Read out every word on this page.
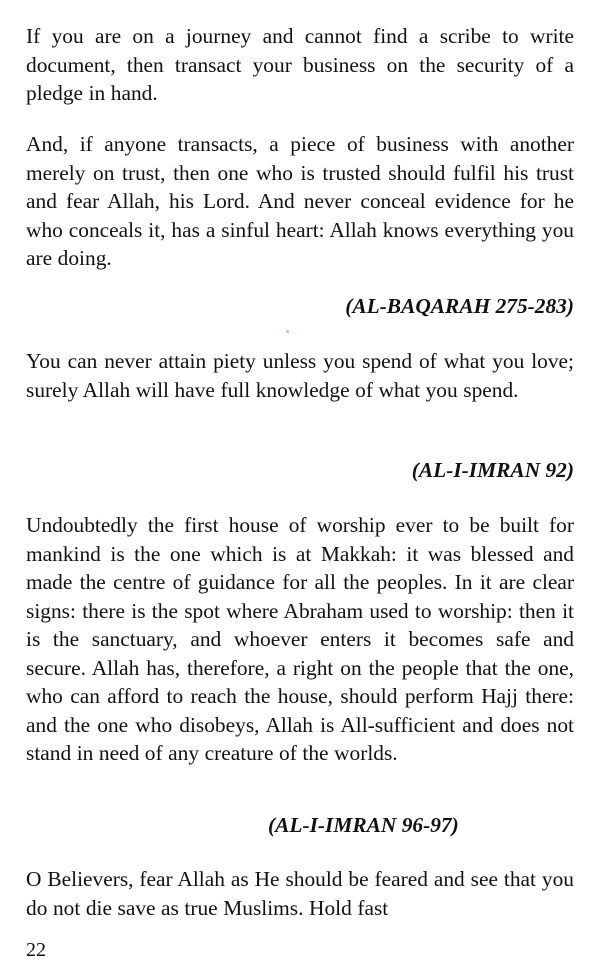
If you are on a journey and cannot find a scribe to write document, then transact your business on the security of a pledge in hand.

And, if anyone transacts, a piece of business with another merely on trust, then one who is trusted should fulfil his trust and fear Allah, his Lord. And never conceal evidence for he who conceals it, has a sinful heart: Allah knows everything you are doing.

(AL-BAQARAH 275-283)

You can never attain piety unless you spend of what you love; surely Allah will have full knowledge of what you spend.

(AL-I-IMRAN 92)

Undoubtedly the first house of worship ever to be built for mankind is the one which is at Makkah: it was blessed and made the centre of guidance for all the peoples. In it are clear signs: there is the spot where Abraham used to worship: then it is the sanctuary, and whoever enters it becomes safe and secure. Allah has, therefore, a right on the people that the one, who can afford to reach the house, should perform Hajj there: and the one who disobeys, Allah is All-sufficient and does not stand in need of any creature of the worlds.

(AL-I-IMRAN 96-97)

O Believers, fear Allah as He should be feared and see that you do not die save as true Muslims. Hold fast

22
